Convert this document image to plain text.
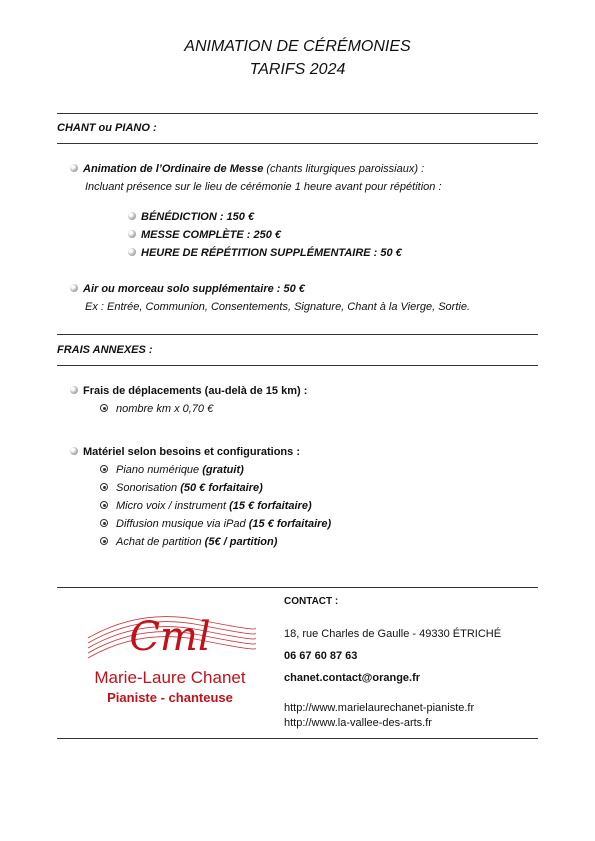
ANIMATION DE CÉRÉMONIES
TARIFS 2024
CHANT ou PIANO :
Animation de l’Ordinaire de Messe (chants liturgiques paroissiaux) :
Incluant présence sur le lieu de cérémonie 1 heure avant pour répétition :
BÉNÉDICTION : 150 €
MESSE COMPLÈTE : 250 €
HEURE DE RÉPÉTITION SUPPLÉMENTAIRE : 50 €
Air ou morceau solo supplémentaire : 50 €
Ex : Entrée, Communion, Consentements, Signature, Chant à la Vierge, Sortie.
FRAIS ANNEXES :
Frais de déplacements (au-delà de 15 km) :
nombre km x 0,70 €
Matériel selon besoins et configurations :
Piano numérique (gratuit)
Sonorisation (50 € forfaitaire)
Micro voix / instrument (15 € forfaitaire)
Diffusion musique via iPad (15 € forfaitaire)
Achat de partition (5€ / partition)
Cml
Marie-Laure Chanet
Pianiste - chanteuse
CONTACT :
18, rue Charles de Gaulle - 49330 ÉTRICHÉ
06 67 60 87 63
chanet.contact@orange.fr
http://www.marielaurechanet-pianiste.fr
http://www.la-vallee-des-arts.fr
